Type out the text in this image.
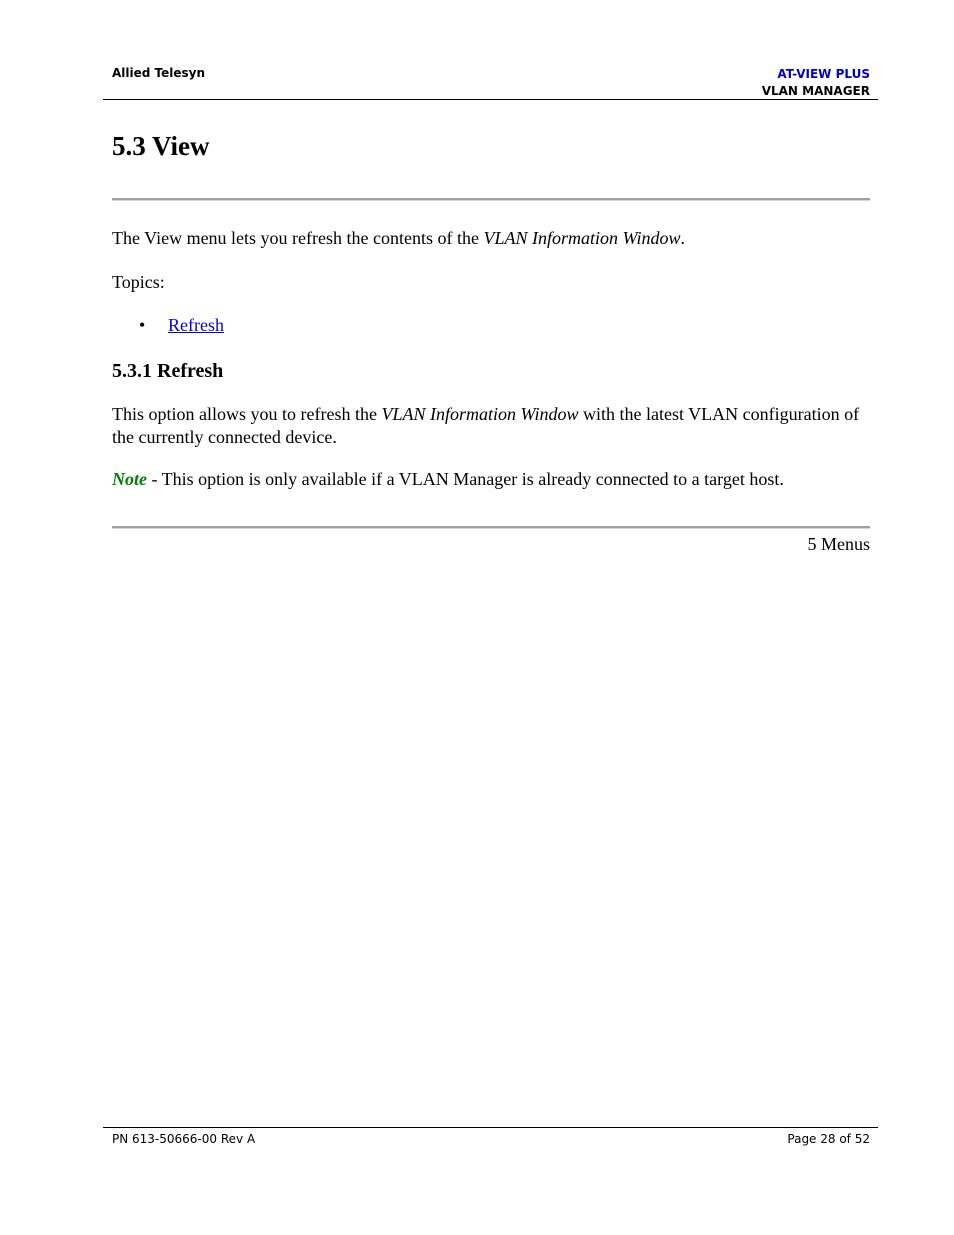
Allied Telesyn	AT-VIEW PLUS
VLAN MANAGER
5.3 View

The View menu lets you refresh the contents of the VLAN Information Window.

Topics:

• Refresh
5.3.1 Refresh

This option allows you to refresh the VLAN Information Window with the latest VLAN configuration of the currently connected device.

Note - This option is only available if a VLAN Manager is already connected to a target host.

5 Menus
PN 613-50666-00 Rev A	Page 28 of 52
